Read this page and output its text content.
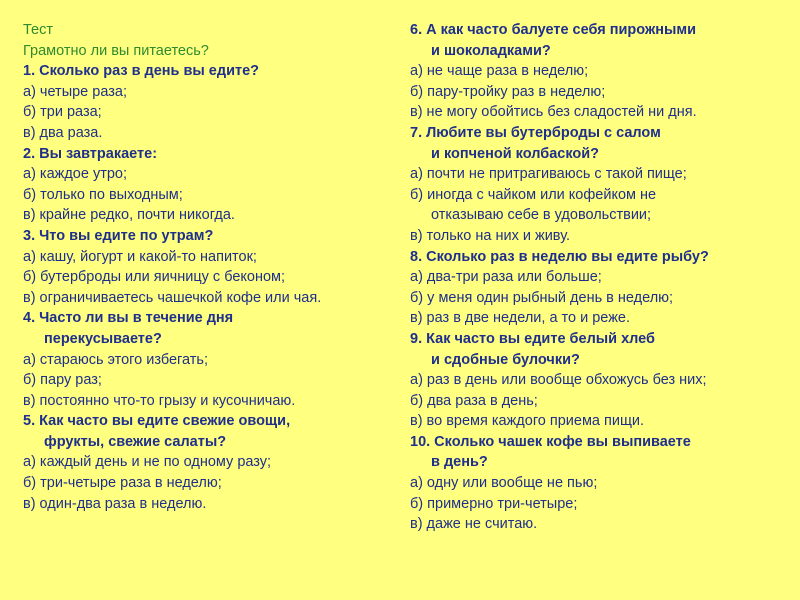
Тест
Грамотно ли вы питаетесь?
1. Сколько раз в день вы едите?
а) четыре раза;
б) три раза;
в) два раза.
2. Вы завтракаете:
а) каждое утро;
б) только по выходным;
в) крайне редко, почти никогда.
3. Что вы едите по утрам?
а) кашу, йогурт и какой-то напиток;
б) бутерброды или яичницу с беконом;
в) ограничиваетесь чашечкой кофе или чая.
4. Часто ли вы в течение дня
перекусываете?
а) стараюсь этого избегать;
б) пару раз;
в) постоянно что-то грызу и кусочничаю.
5. Как часто вы едите свежие овощи,
фрукты, свежие салаты?
а) каждый день и не по одному разу;
б) три-четыре раза в неделю;
в) один-два раза в неделю.
6. А как часто балуете себя пирожными
и шоколадками?
а) не чаще раза в неделю;
б) пару-тройку раз в неделю;
в) не могу обойтись без сладостей ни дня.
7. Любите вы бутерброды с салом
и копченой колбаской?
а) почти не притрагиваюсь с такой пище;
б) иногда с чайком или кофейком не
отказываю себе в удовольствии;
в) только на них и живу.
8. Сколько раз в неделю вы едите рыбу?
а) два-три раза или больше;
б) у меня один рыбный день в неделю;
в) раз в две недели, а то и реже.
9. Как часто вы едите белый хлеб
и сдобные булочки?
а) раз в день или вообще обхожусь без них;
б) два раза в день;
в) во время каждого приема пищи.
10. Сколько чашек кофе вы выпиваете
в день?
а) одну или вообще не пью;
б) примерно три-четыре;
в) даже не считаю.
